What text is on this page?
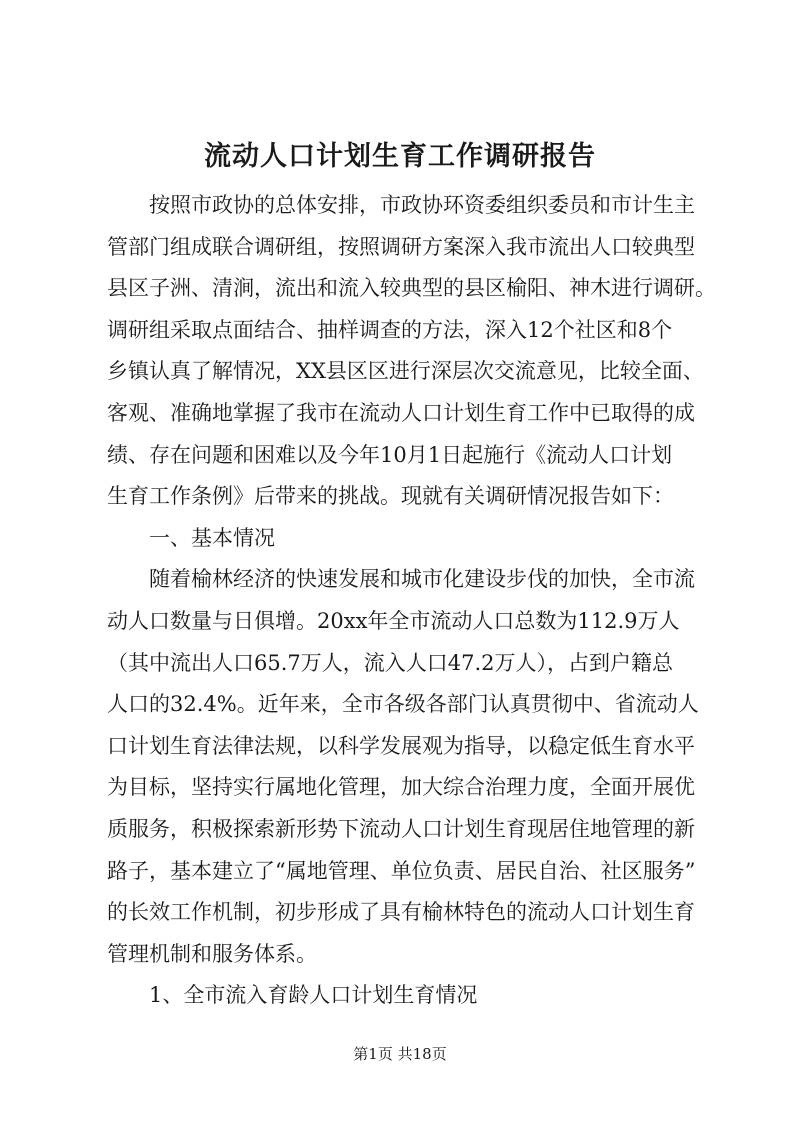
流动人口计划生育工作调研报告
按照市政协的总体安排，市政协环资委组织委员和市计生主
管部门组成联合调研组，按照调研方案深入我市流出人口较典型
县区子洲、清涧，流出和流入较典型的县区榆阳、神木进行调研。
调研组采取点面结合、抽样调查的方法，深入12个社区和8个
乡镇认真了解情况，XX县区区进行深层次交流意见，比较全面、
客观、准确地掌握了我市在流动人口计划生育工作中已取得的成
绩、存在问题和困难以及今年10月1日起施行《流动人口计划
生育工作条例》后带来的挑战。现就有关调研情况报告如下：
一、基本情况
随着榆林经济的快速发展和城市化建设步伐的加快，全市流
动人口数量与日俱增。20xx年全市流动人口总数为112.9万人
（其中流出人口65.7万人，流入人口47.2万人），占到户籍总
人口的32.4%。近年来，全市各级各部门认真贯彻中、省流动人
口计划生育法律法规，以科学发展观为指导，以稳定低生育水平
为目标，坚持实行属地化管理，加大综合治理力度，全面开展优
质服务，积极探索新形势下流动人口计划生育现居住地管理的新
路子，基本建立了“属地管理、单位负责、居民自治、社区服务”
的长效工作机制，初步形成了具有榆林特色的流动人口计划生育
管理机制和服务体系。
1、全市流入育龄人口计划生育情况
第1页 共18页
